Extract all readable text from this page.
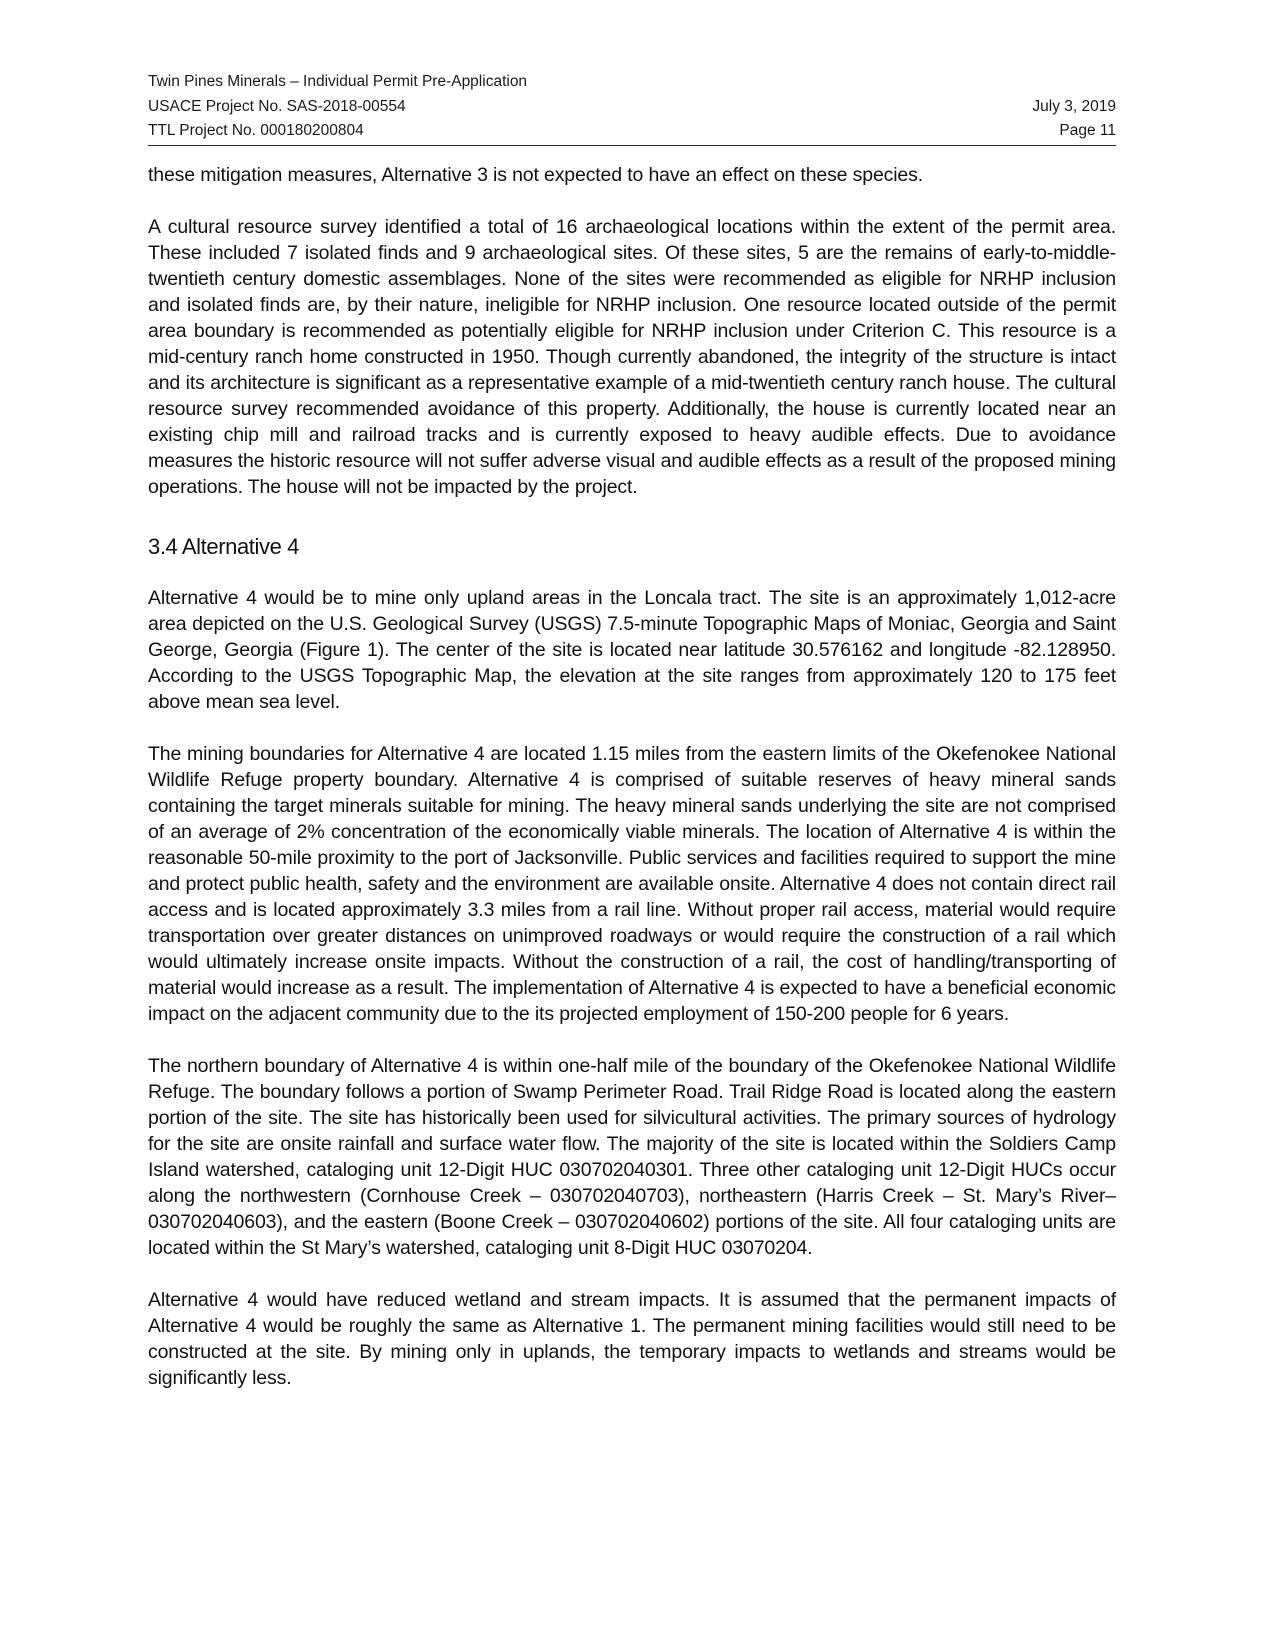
Twin Pines Minerals – Individual Permit Pre-Application
USACE Project No. SAS-2018-00554	July 3, 2019
TTL Project No. 000180200804	Page 11

these mitigation measures, Alternative 3 is not expected to have an effect on these species.

A cultural resource survey identified a total of 16 archaeological locations within the extent of the permit area. These included 7 isolated finds and 9 archaeological sites. Of these sites, 5 are the remains of early-to-middle-twentieth century domestic assemblages. None of the sites were recommended as eligible for NRHP inclusion and isolated finds are, by their nature, ineligible for NRHP inclusion. One resource located outside of the permit area boundary is recommended as potentially eligible for NRHP inclusion under Criterion C. This resource is a mid-century ranch home constructed in 1950. Though currently abandoned, the integrity of the structure is intact and its architecture is significant as a representative example of a mid-twentieth century ranch house. The cultural resource survey recommended avoidance of this property. Additionally, the house is currently located near an existing chip mill and railroad tracks and is currently exposed to heavy audible effects. Due to avoidance measures the historic resource will not suffer adverse visual and audible effects as a result of the proposed mining operations. The house will not be impacted by the project.

3.4 Alternative 4

Alternative 4 would be to mine only upland areas in the Loncala tract. The site is an approximately 1,012-acre area depicted on the U.S. Geological Survey (USGS) 7.5-minute Topographic Maps of Moniac, Georgia and Saint George, Georgia (Figure 1). The center of the site is located near latitude 30.576162 and longitude -82.128950. According to the USGS Topographic Map, the elevation at the site ranges from approximately 120 to 175 feet above mean sea level.

The mining boundaries for Alternative 4 are located 1.15 miles from the eastern limits of the Okefenokee National Wildlife Refuge property boundary. Alternative 4 is comprised of suitable reserves of heavy mineral sands containing the target minerals suitable for mining. The heavy mineral sands underlying the site are not comprised of an average of 2% concentration of the economically viable minerals. The location of Alternative 4 is within the reasonable 50-mile proximity to the port of Jacksonville. Public services and facilities required to support the mine and protect public health, safety and the environment are available onsite. Alternative 4 does not contain direct rail access and is located approximately 3.3 miles from a rail line. Without proper rail access, material would require transportation over greater distances on unimproved roadways or would require the construction of a rail which would ultimately increase onsite impacts. Without the construction of a rail, the cost of handling/transporting of material would increase as a result. The implementation of Alternative 4 is expected to have a beneficial economic impact on the adjacent community due to the its projected employment of 150-200 people for 6 years.

The northern boundary of Alternative 4 is within one-half mile of the boundary of the Okefenokee National Wildlife Refuge. The boundary follows a portion of Swamp Perimeter Road. Trail Ridge Road is located along the eastern portion of the site. The site has historically been used for silvicultural activities. The primary sources of hydrology for the site are onsite rainfall and surface water flow. The majority of the site is located within the Soldiers Camp Island watershed, cataloging unit 12-Digit HUC 030702040301. Three other cataloging unit 12-Digit HUCs occur along the northwestern (Cornhouse Creek – 030702040703), northeastern (Harris Creek – St. Mary’s River– 030702040603), and the eastern (Boone Creek – 030702040602) portions of the site. All four cataloging units are located within the St Mary’s watershed, cataloging unit 8-Digit HUC 03070204.

Alternative 4 would have reduced wetland and stream impacts. It is assumed that the permanent impacts of Alternative 4 would be roughly the same as Alternative 1. The permanent mining facilities would still need to be constructed at the site. By mining only in uplands, the temporary impacts to wetlands and streams would be significantly less.
